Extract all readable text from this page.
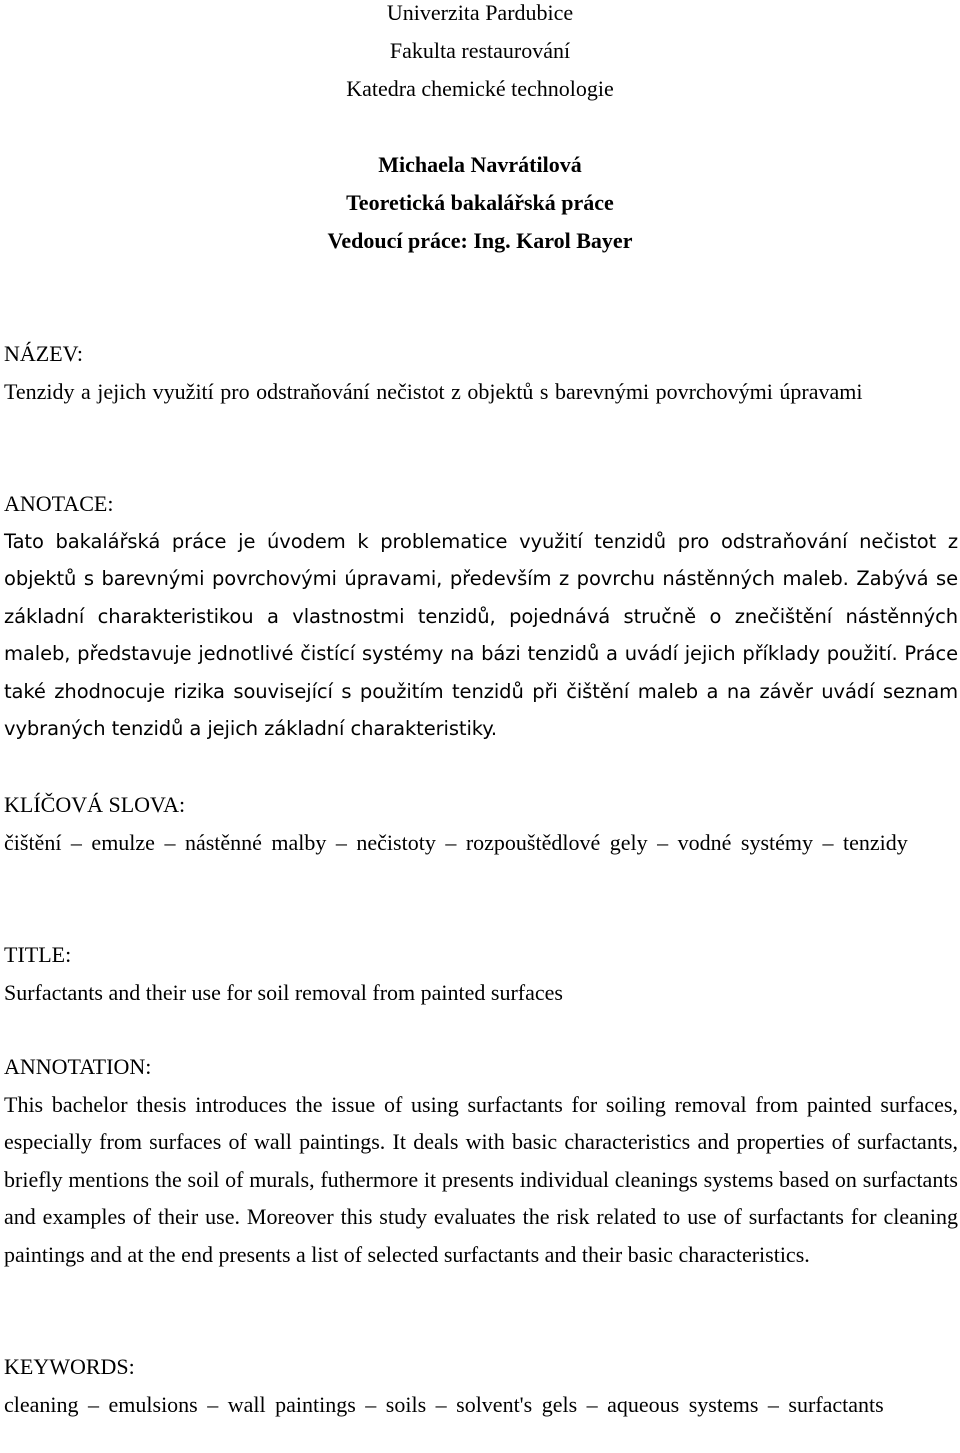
Univerzita Pardubice
Fakulta restaurování
Katedra chemické technologie
Michaela Navrátilová
Teoretická bakalářská práce
Vedoucí práce: Ing. Karol Bayer
NÁZEV:
Tenzidy a jejich využití pro odstraňování nečistot z objektů s barevnými povrchovými úpravami
ANOTACE:
Tato bakalářská práce je úvodem k problematice využití tenzidů pro odstraňování nečistot z objektů s barevnými povrchovými úpravami, především z povrchu nástěnných maleb. Zabývá se základní charakteristikou a vlastnostmi tenzidů, pojednává stručně o znečištění nástěnných maleb, představuje jednotlivé čistící systémy na bázi tenzidů a uvádí jejich příklady použití. Práce také zhodnocuje rizika související s použitím tenzidů při čištění maleb a na závěr uvádí seznam vybraných tenzidů a jejich základní charakteristiky.
KLÍČOVÁ SLOVA:
čištění – emulze – nástěnné malby – nečistoty – rozpouštědlové gely – vodné systémy – tenzidy
TITLE:
Surfactants and their use for soil removal from painted surfaces
ANNOTATION:
This bachelor thesis introduces the issue of using surfactants for soiling removal from painted surfaces, especially from surfaces of wall paintings. It deals with basic characteristics and properties of surfactants, briefly mentions the soil of murals, futhermore it presents individual cleanings systems based on surfactants and examples of their use. Moreover this study evaluates the risk related to use of surfactants for cleaning paintings and at the end presents a list of selected surfactants and their basic characteristics.
KEYWORDS:
cleaning – emulsions – wall paintings – soils – solvent's gels – aqueous systems – surfactants
